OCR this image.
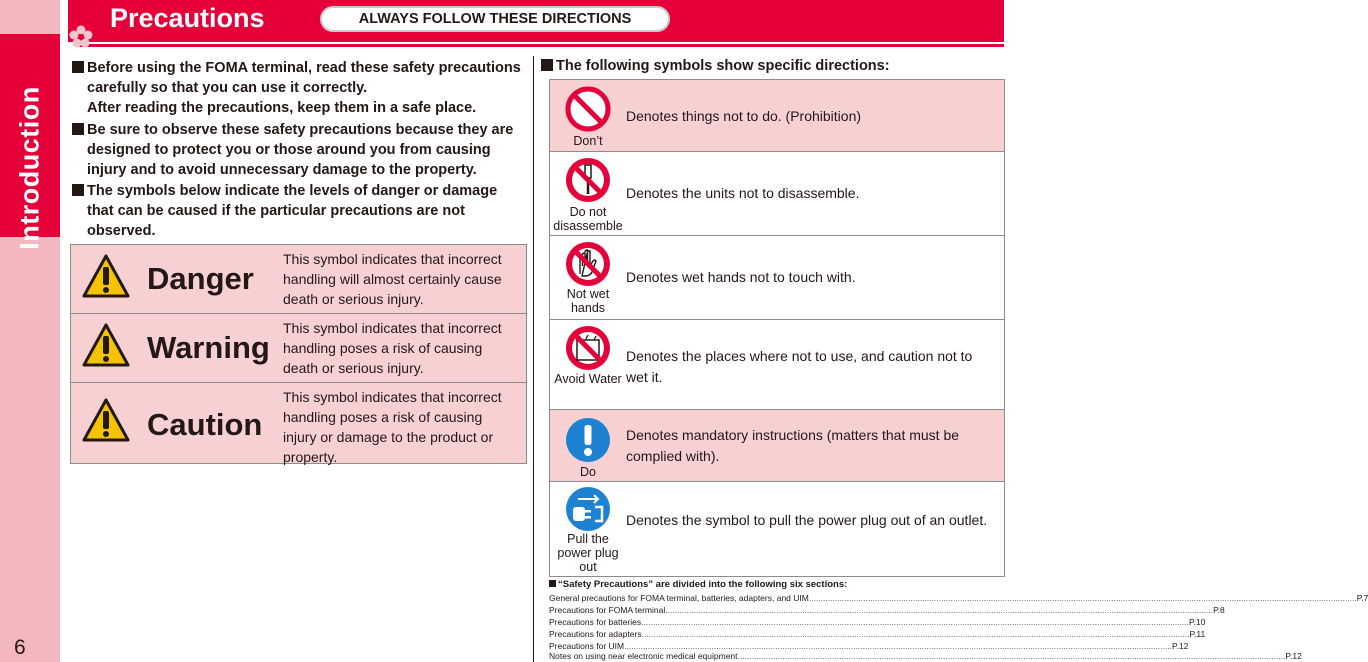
Introduction
6
Precautions	ALWAYS FOLLOW THESE DIRECTIONS
Before using the FOMA terminal, read these safety precautions
carefully so that you can use it correctly.
After reading the precautions, keep them in a safe place.
Be sure to observe these safety precautions because they are
designed to protect you or those around you from causing
injury and to avoid unnecessary damage to the property.
The symbols below indicate the levels of danger or damage
that can be caused if the particular precautions are not
observed.
Danger
This symbol indicates that incorrect handling will almost certainly cause death or serious injury.
Warning
This symbol indicates that incorrect handling poses a risk of causing death or serious injury.
Caution
This symbol indicates that incorrect handling poses a risk of causing injury or damage to the product or property.
The following symbols show specific directions:
Don’t
Denotes things not to do. (Prohibition)
Do not disassemble
Denotes the units not to disassemble.
Not wet hands
Denotes wet hands not to touch with.
Avoid Water
Denotes the places where not to use, and caution not to wet it.
Do
Denotes mandatory instructions (matters that must be complied with).
Pull the power plug out
Denotes the symbol to pull the power plug out of an outlet.
“Safety Precautions” are divided into the following six sections:
General precautions for FOMA terminal, batteries, adapters, and UIM ........................................................................................................................................................................................................................................ P.7
Precautions for FOMA terminal ........................................................................................................................................................................................................................................ P.8
Precautions for batteries ........................................................................................................................................................................................................................................ P.10
Precautions for adapters ........................................................................................................................................................................................................................................ P.11
Precautions for UIM ........................................................................................................................................................................................................................................ P.12
Notes on using near electronic medical equipment ........................................................................................................................................................................................................................................ P.12
